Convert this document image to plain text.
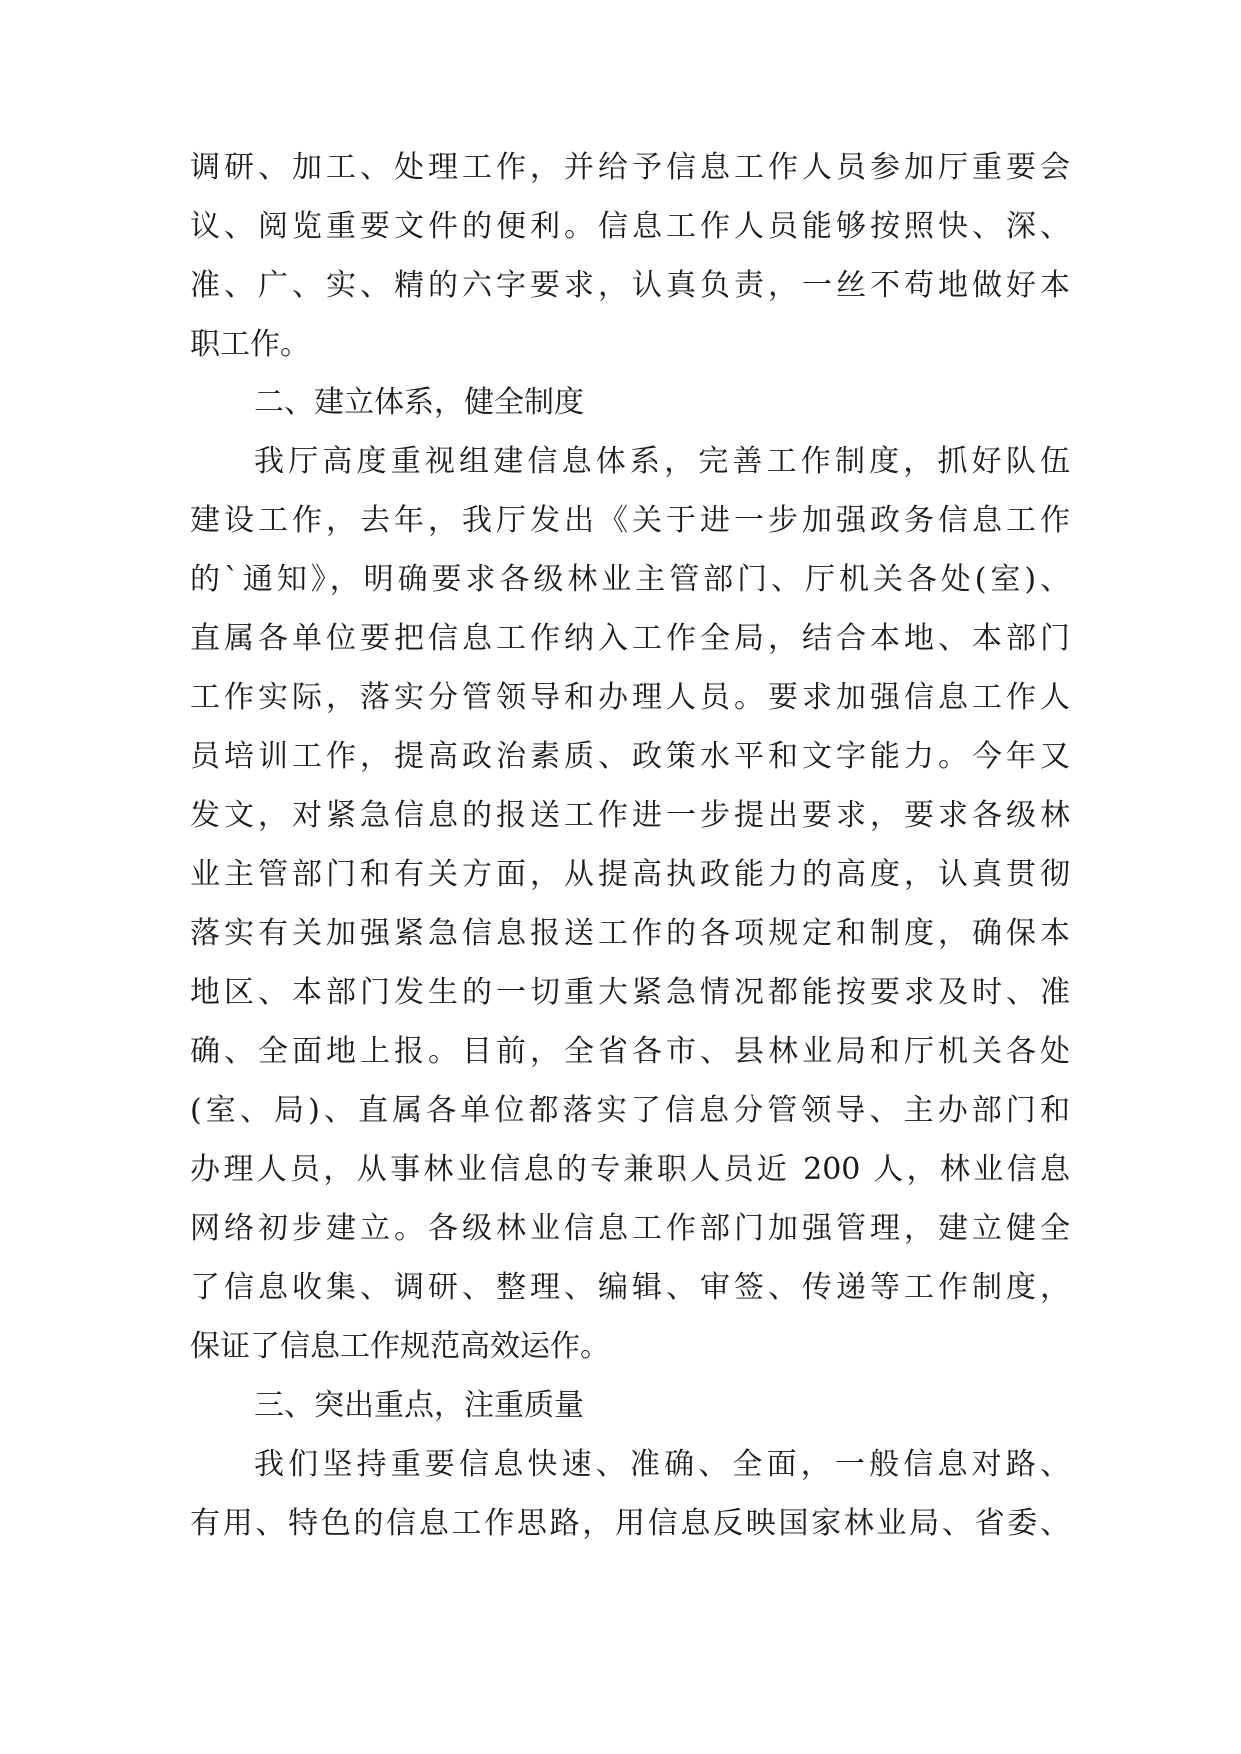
调研、加工、处理工作，并给予信息工作人员参加厅重要会
议、阅览重要文件的便利。信息工作人员能够按照快、深、
准、广、实、精的六字要求，认真负责，一丝不苟地做好本
职工作。
二、建立体系，健全制度
我厅高度重视组建信息体系，完善工作制度，抓好队伍
建设工作，去年，我厅发出《关于进一步加强政务信息工作
的`通知》，明确要求各级林业主管部门、厅机关各处(室)、
直属各单位要把信息工作纳入工作全局，结合本地、本部门
工作实际，落实分管领导和办理人员。要求加强信息工作人
员培训工作，提高政治素质、政策水平和文字能力。今年又
发文，对紧急信息的报送工作进一步提出要求，要求各级林
业主管部门和有关方面，从提高执政能力的高度，认真贯彻
落实有关加强紧急信息报送工作的各项规定和制度，确保本
地区、本部门发生的一切重大紧急情况都能按要求及时、准
确、全面地上报。目前，全省各市、县林业局和厅机关各处
(室、局)、直属各单位都落实了信息分管领导、主办部门和
办理人员，从事林业信息的专兼职人员近 200 人，林业信息
网络初步建立。各级林业信息工作部门加强管理，建立健全
了信息收集、调研、整理、编辑、审签、传递等工作制度，
保证了信息工作规范高效运作。
三、突出重点，注重质量
我们坚持重要信息快速、准确、全面，一般信息对路、
有用、特色的信息工作思路，用信息反映国家林业局、省委、
